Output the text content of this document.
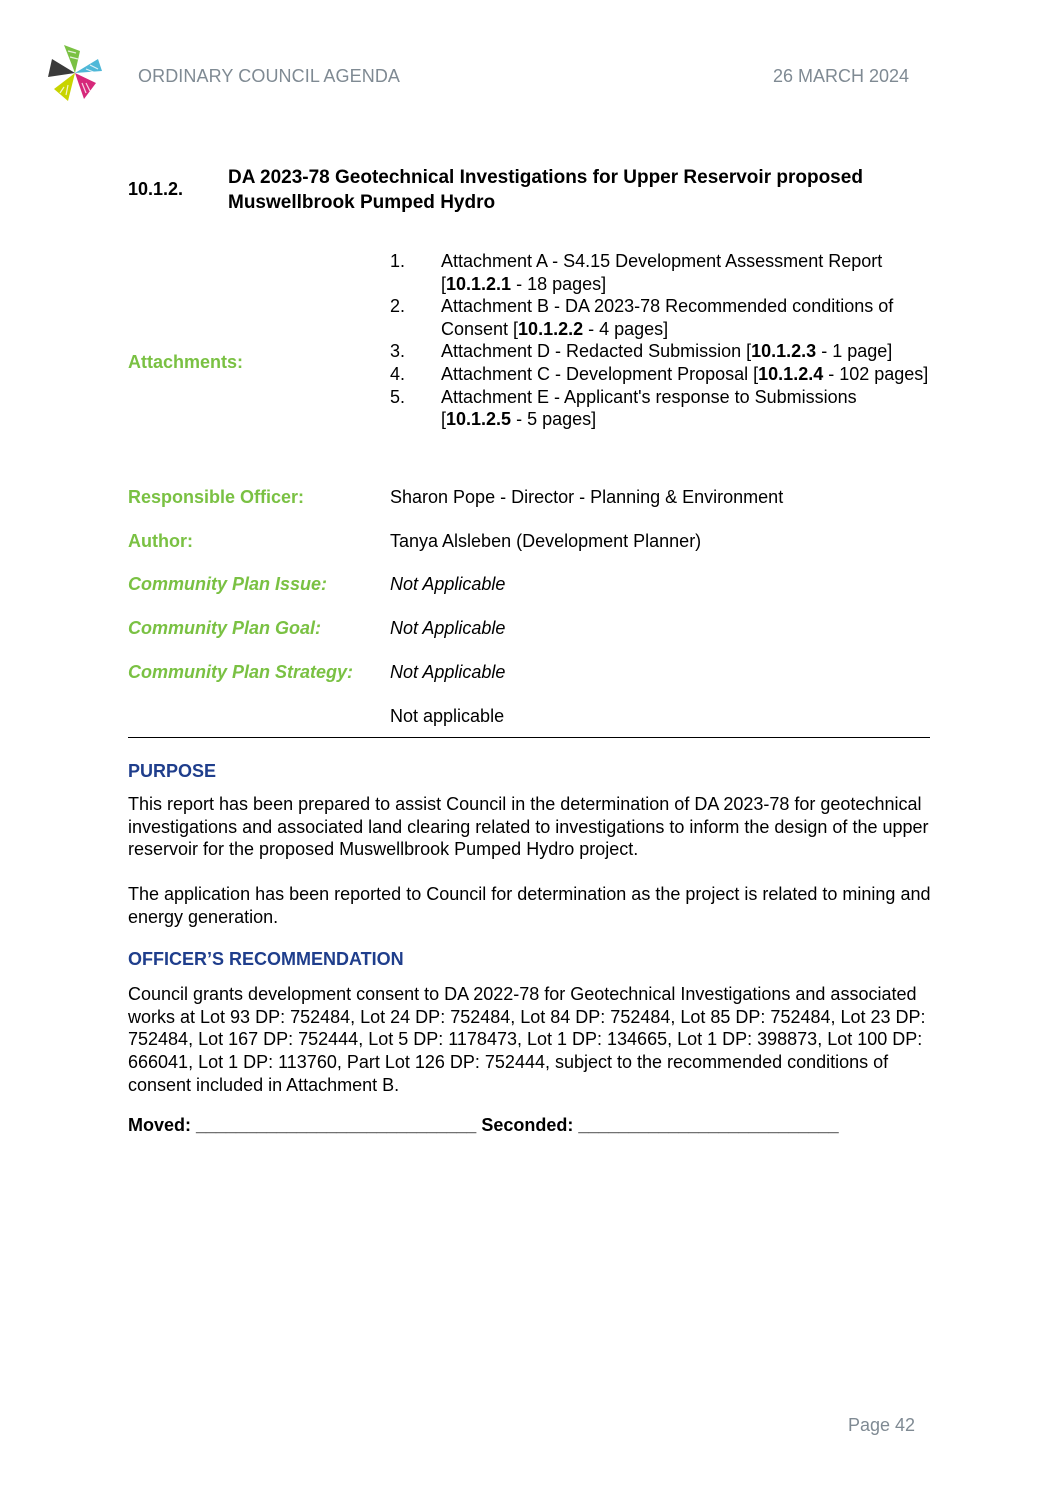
ORDINARY COUNCIL AGENDA	26 MARCH 2024
10.1.2.
DA 2023-78 Geotechnical Investigations for Upper Reservoir proposed Muswellbrook Pumped Hydro
Attachments:
1.	Attachment A - S4.15 Development Assessment Report [10.1.2.1 - 18 pages]
2.	Attachment B - DA 2023-78 Recommended conditions of Consent [10.1.2.2 - 4 pages]
3.	Attachment D - Redacted Submission [10.1.2.3 - 1 page]
4.	Attachment C - Development Proposal [10.1.2.4 - 102 pages]
5.	Attachment E - Applicant's response to Submissions [10.1.2.5 - 5 pages]
Responsible Officer:	Sharon Pope - Director - Planning & Environment
Author:	Tanya Alsleben (Development Planner)
Community Plan Issue:	Not Applicable
Community Plan Goal:	Not Applicable
Community Plan Strategy: Not Applicable
Not applicable
PURPOSE
This report has been prepared to assist Council in the determination of DA 2023-78 for geotechnical investigations and associated land clearing related to investigations to inform the design of the upper reservoir for the proposed Muswellbrook Pumped Hydro project.
The application has been reported to Council for determination as the project is related to mining and energy generation.
OFFICER’S RECOMMENDATION
Council grants development consent to DA 2022-78 for Geotechnical Investigations and associated works at Lot 93 DP: 752484, Lot 24 DP: 752484, Lot 84 DP: 752484, Lot 85 DP: 752484, Lot 23 DP: 752484, Lot 167 DP: 752444, Lot 5 DP: 1178473, Lot 1 DP: 134665, Lot 1 DP: 398873, Lot 100 DP: 666041, Lot 1 DP: 113760, Part Lot 126 DP: 752444, subject to the recommended conditions of consent included in Attachment B.
Moved: ____________________________ Seconded: __________________________
Page 42
